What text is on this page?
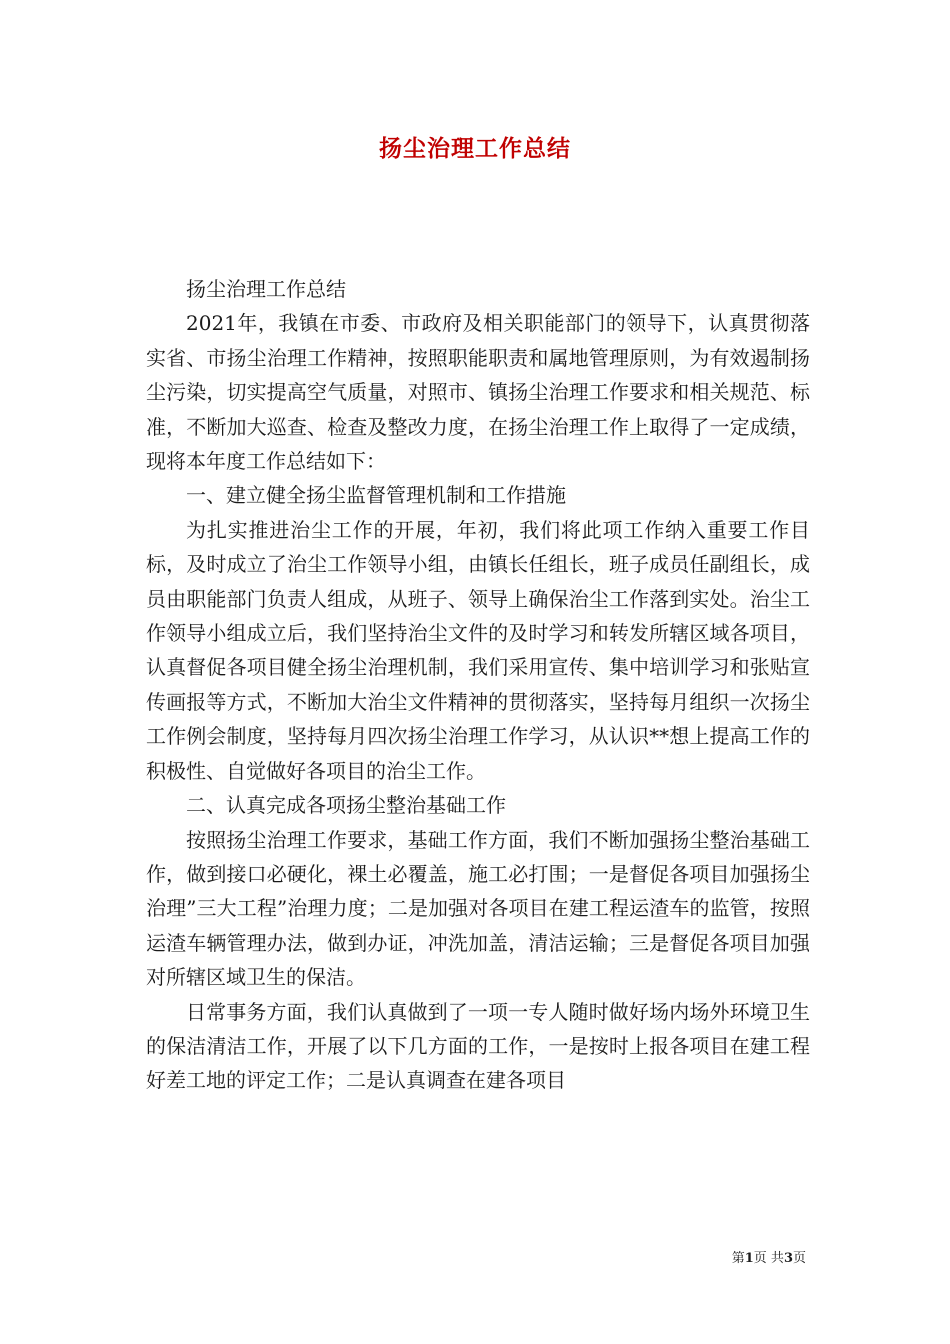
扬尘治理工作总结

扬尘治理工作总结

2021年，我镇在市委、市政府及相关职能部门的领导下，认真贯彻落实省、市扬尘治理工作精神，按照职能职责和属地管理原则，为有效遏制扬尘污染，切实提高空气质量，对照市、镇扬尘治理工作要求和相关规范、标准，不断加大巡查、检查及整改力度，在扬尘治理工作上取得了一定成绩，现将本年度工作总结如下：

一、建立健全扬尘监督管理机制和工作措施

为扎实推进治尘工作的开展，年初，我们将此项工作纳入重要工作目标，及时成立了治尘工作领导小组，由镇长任组长，班子成员任副组长，成员由职能部门负责人组成，从班子、领导上确保治尘工作落到实处。治尘工作领导小组成立后，我们坚持治尘文件的及时学习和转发所辖区域各项目，认真督促各项目健全扬尘治理机制，我们采用宣传、集中培训学习和张贴宣传画报等方式，不断加大治尘文件精神的贯彻落实，坚持每月组织一次扬尘工作例会制度，坚持每月四次扬尘治理工作学习，从认识**想上提高工作的积极性、自觉做好各项目的治尘工作。

二、认真完成各项扬尘整治基础工作

按照扬尘治理工作要求，基础工作方面，我们不断加强扬尘整治基础工作，做到接口必硬化，裸土必覆盖，施工必打围；一是督促各项目加强扬尘治理”三大工程”治理力度；二是加强对各项目在建工程运渣车的监管，按照运渣车辆管理办法，做到办证，冲洗加盖，清洁运输；三是督促各项目加强对所辖区域卫生的保洁。

日常事务方面，我们认真做到了一项一专人随时做好场内场外环境卫生的保洁清洁工作，开展了以下几方面的工作，一是按时上报各项目在建工程好差工地的评定工作；二是认真调查在建各项目

第1页 共3页
